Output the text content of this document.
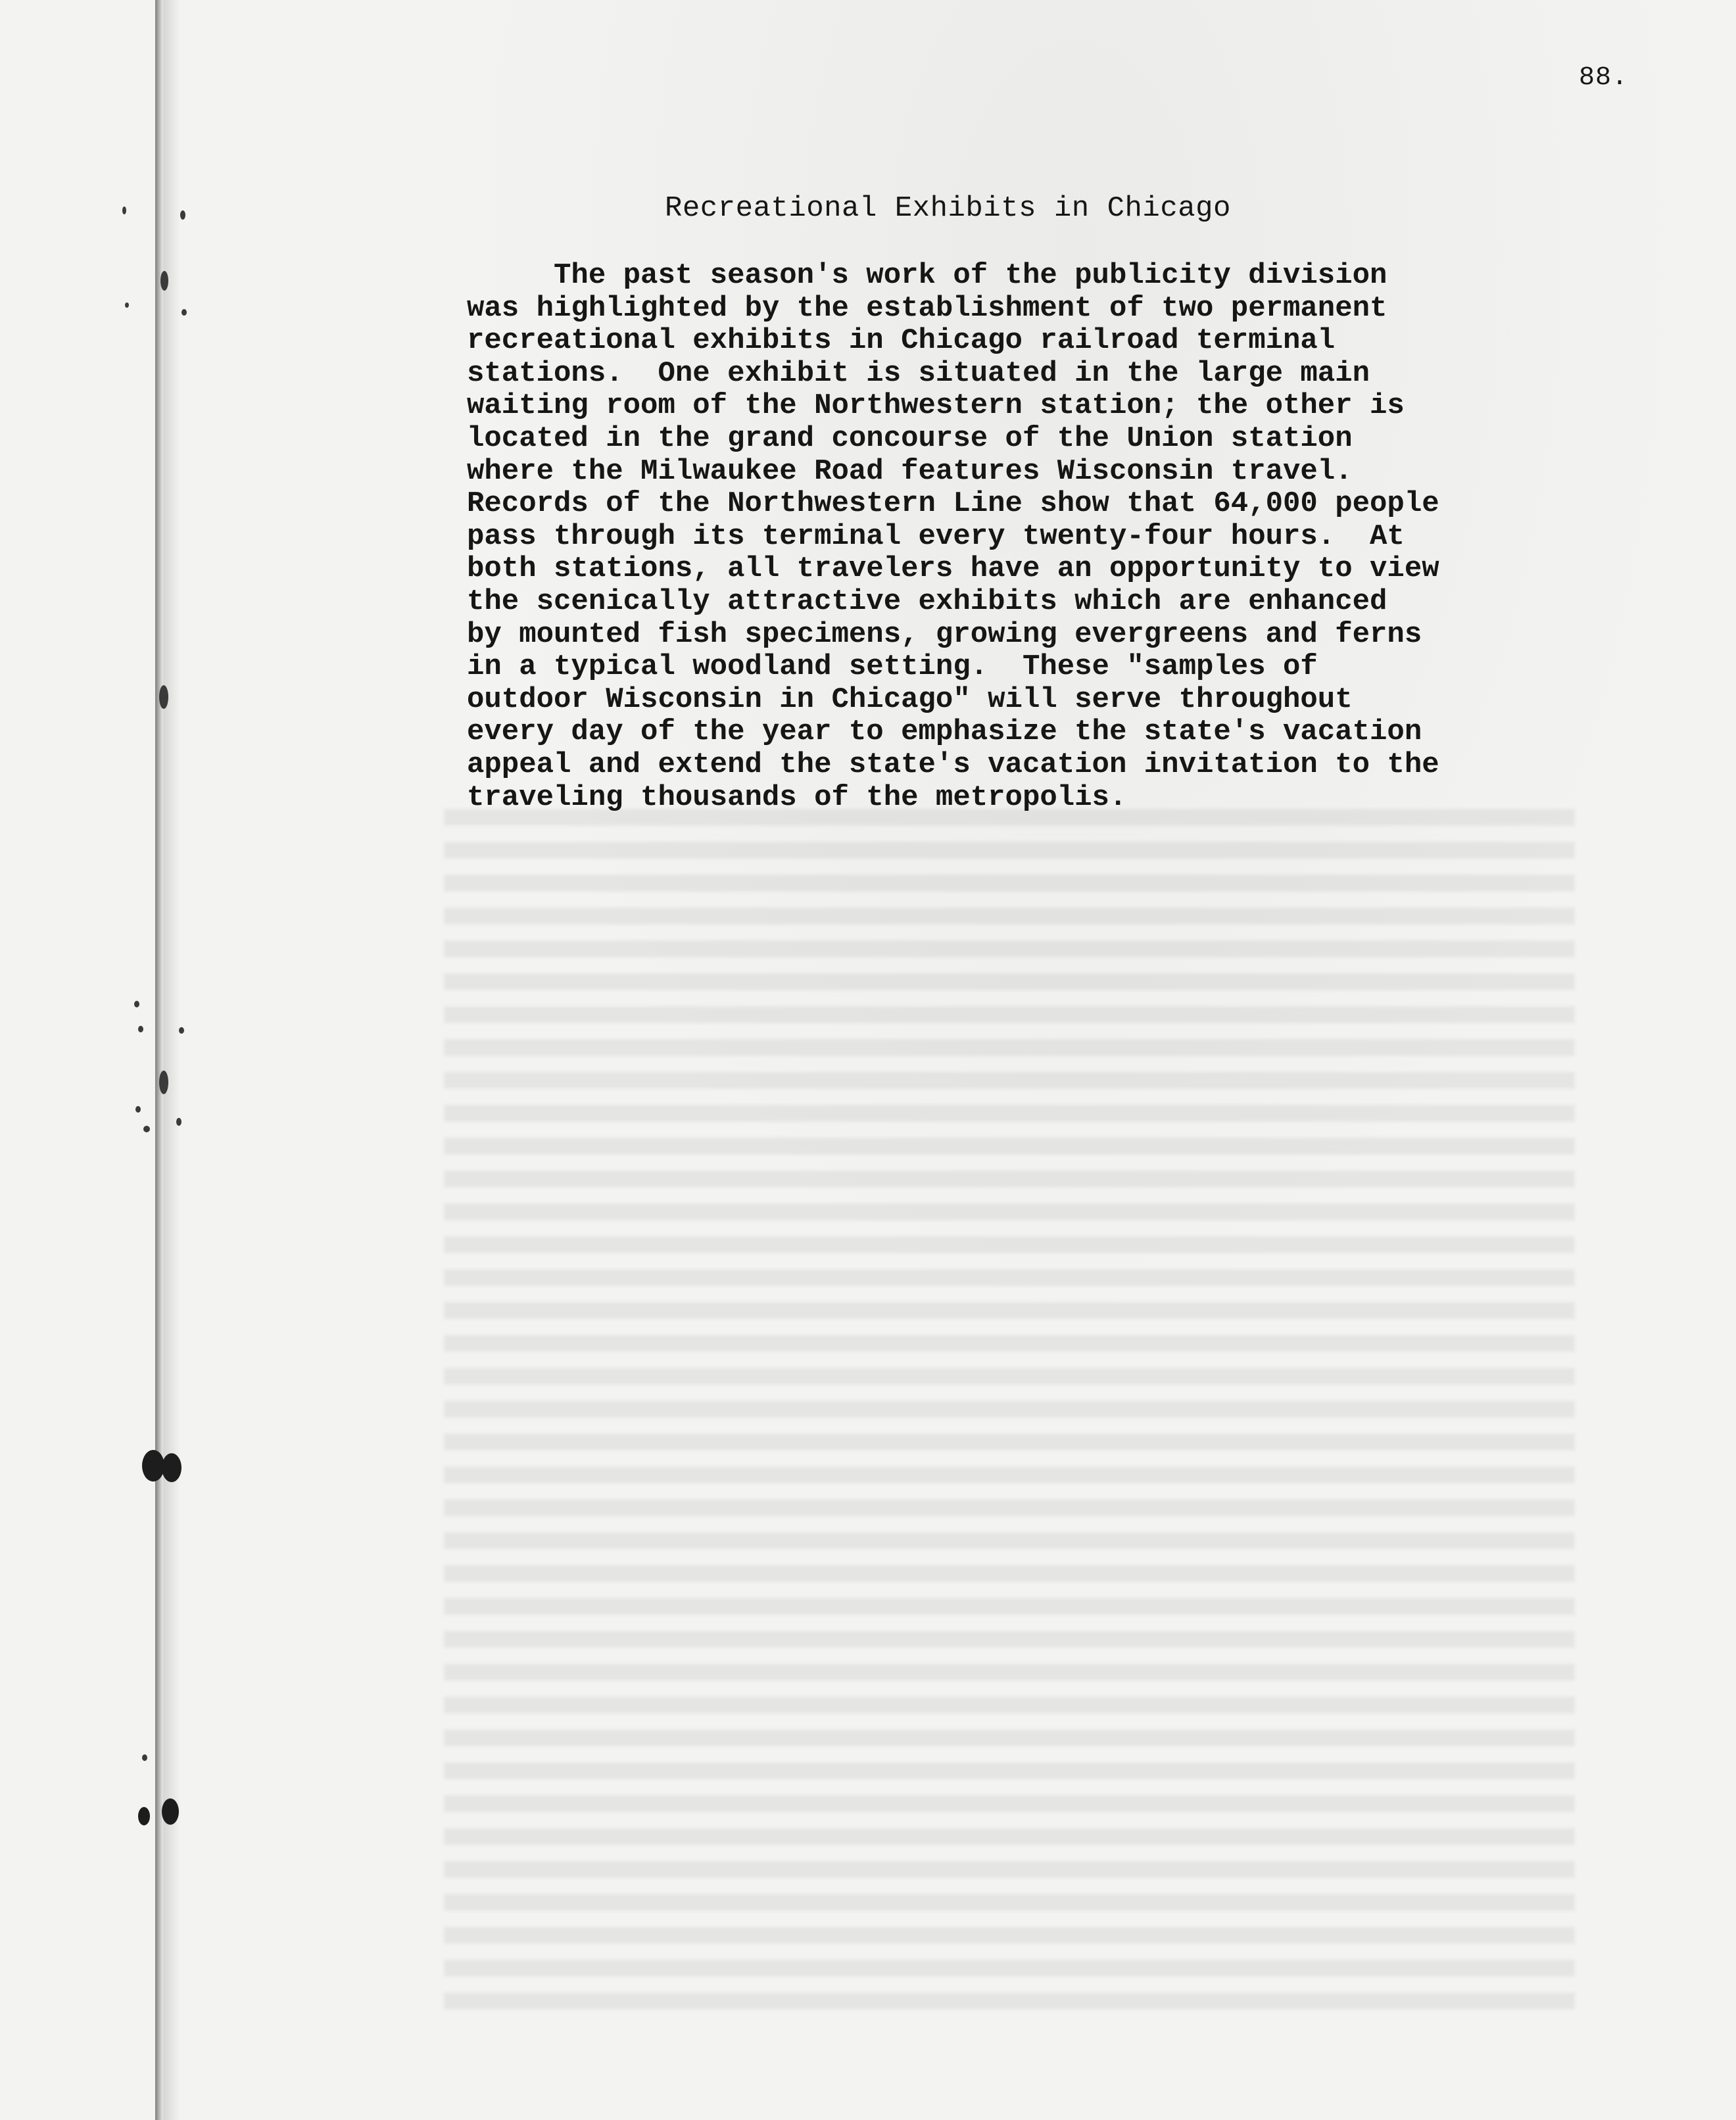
88.
Recreational Exhibits in Chicago

The past season's work of the publicity division
was highlighted by the establishment of two permanent
recreational exhibits in Chicago railroad terminal
stations.  One exhibit is situated in the large main
waiting room of the Northwestern station; the other is
located in the grand concourse of the Union station
where the Milwaukee Road features Wisconsin travel.
Records of the Northwestern Line show that 64,000 people
pass through its terminal every twenty-four hours.  At
both stations, all travelers have an opportunity to view
the scenically attractive exhibits which are enhanced
by mounted fish specimens, growing evergreens and ferns
in a typical woodland setting.  These "samples of
outdoor Wisconsin in Chicago" will serve throughout
every day of the year to emphasize the state's vacation
appeal and extend the state's vacation invitation to the
traveling thousands of the metropolis.
